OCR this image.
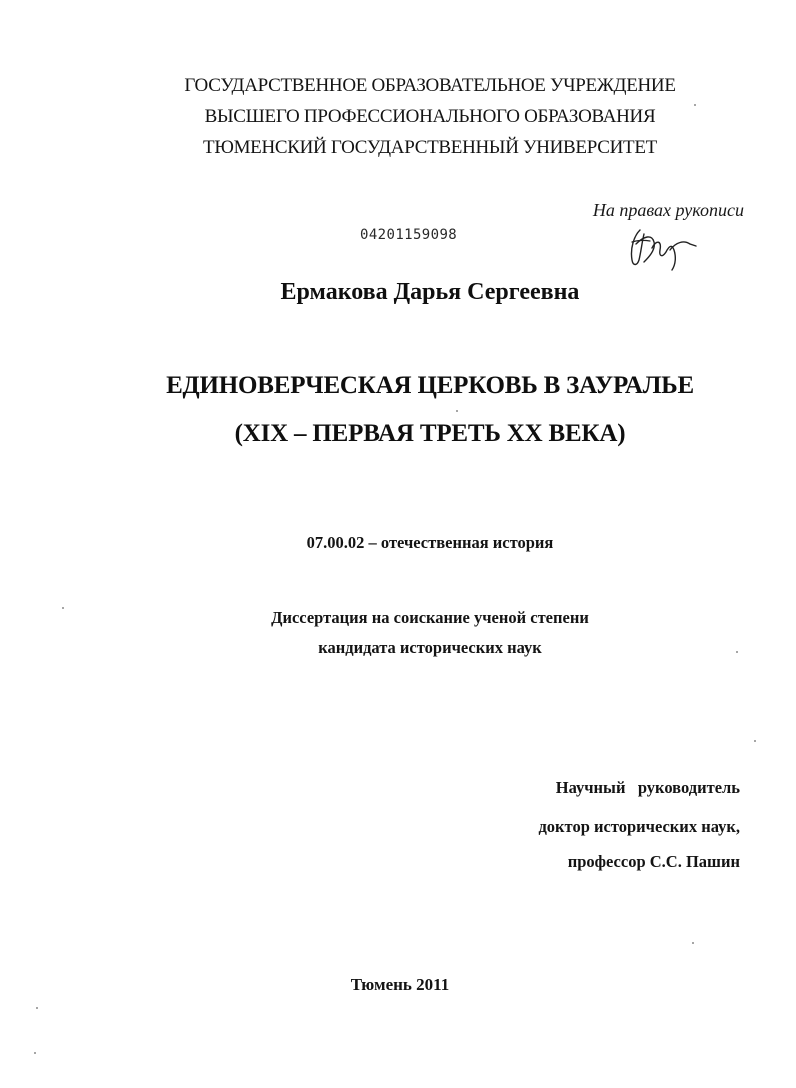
ГОСУДАРСТВЕННОЕ ОБРАЗОВАТЕЛЬНОЕ УЧРЕЖДЕНИЕ
ВЫСШЕГО ПРОФЕССИОНАЛЬНОГО ОБРАЗОВАНИЯ
ТЮМЕНСКИЙ ГОСУДАРСТВЕННЫЙ УНИВЕРСИТЕТ
На правах рукописи
04201159098
Ермакова Дарья Сергеевна
ЕДИНОВЕРЧЕСКАЯ ЦЕРКОВЬ В ЗАУРАЛЬЕ
(XIX – ПЕРВАЯ ТРЕТЬ XX ВЕКА)
07.00.02 – отечественная история
Диссертация на соискание ученой степени
кандидата исторических наук
Научный   руководитель
доктор исторических наук,
профессор С.С. Пашин
Тюмень 2011
